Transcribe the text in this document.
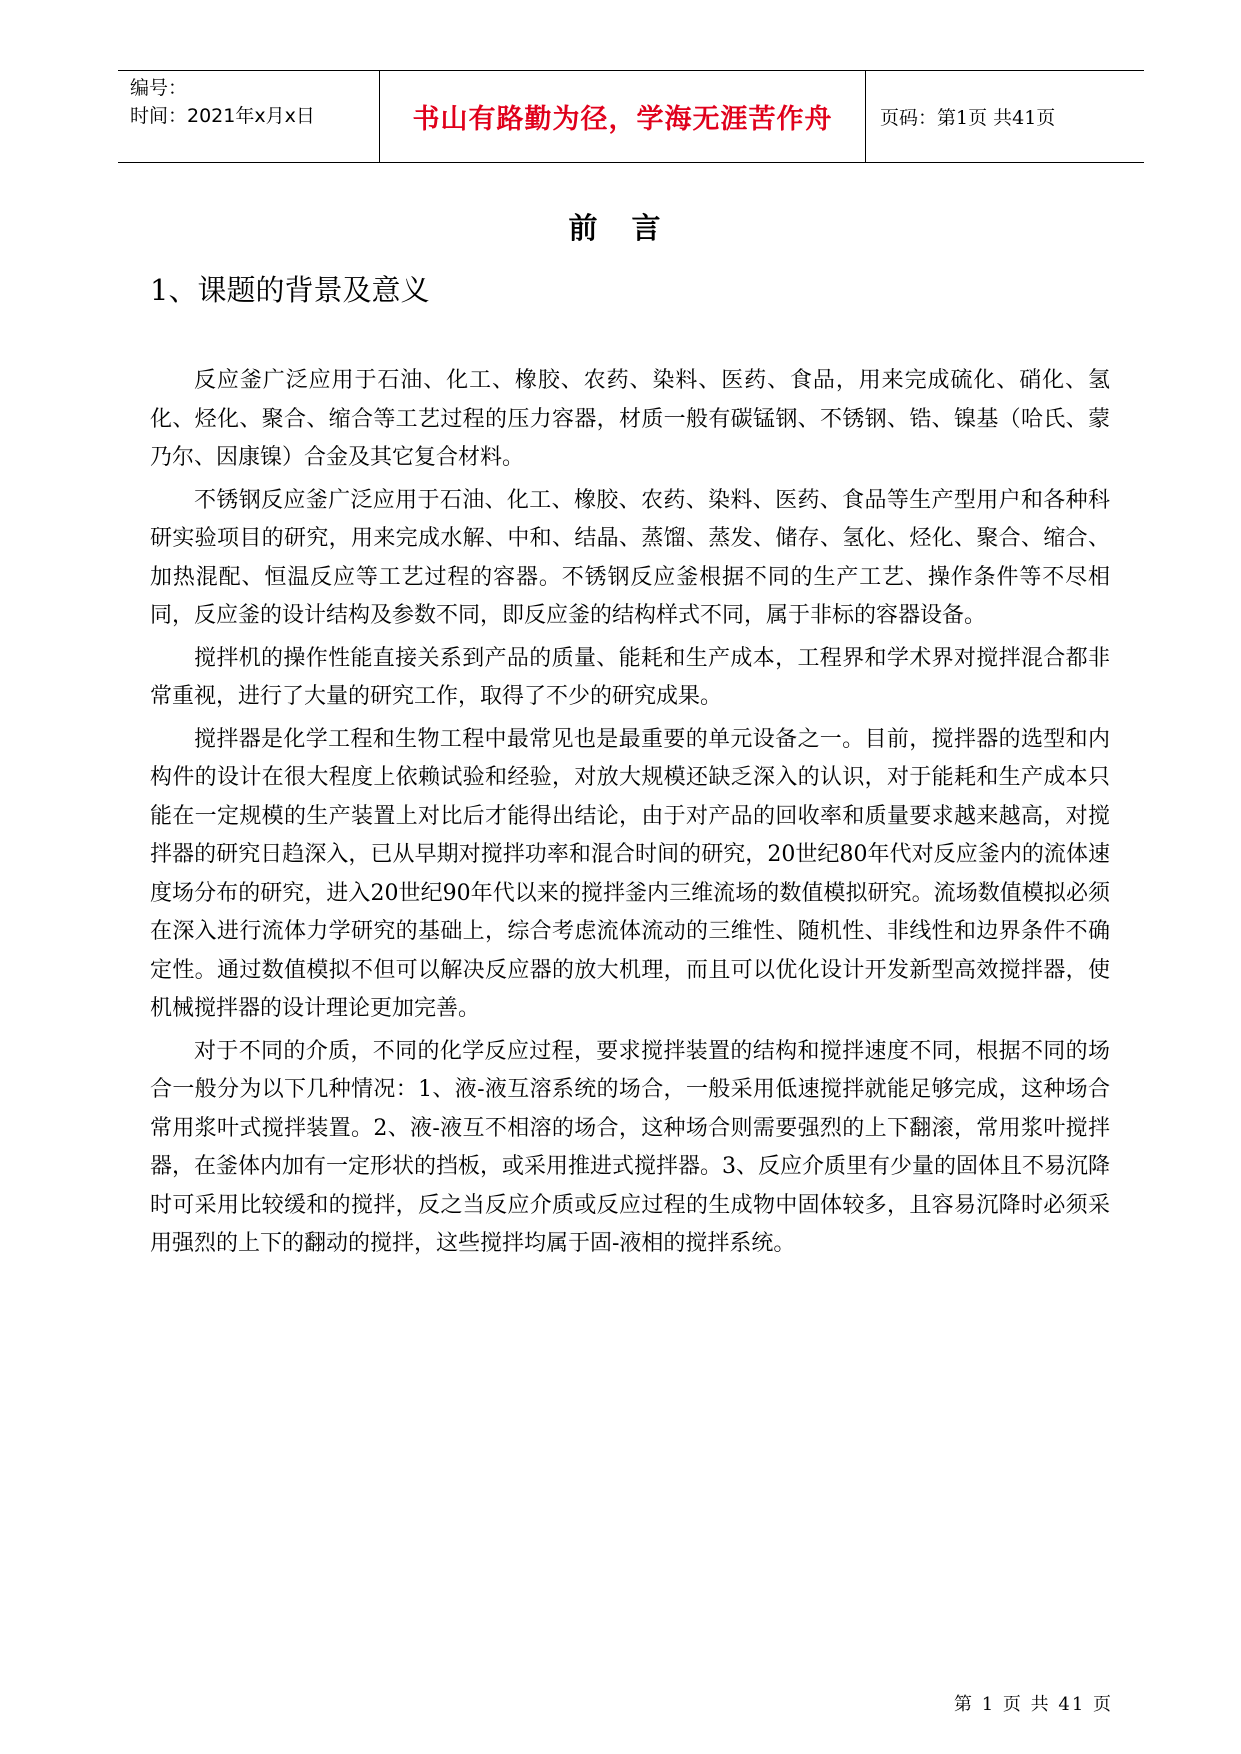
编号：
时间：2021年x月x日	书山有路勤为径，学海无涯苦作舟	页码：第1页 共41页
前 言
1、课题的背景及意义

反应釜广泛应用于石油、化工、橡胶、农药、染料、医药、食品，用来完成硫化、硝化、氢化、烃化、聚合、缩合等工艺过程的压力容器，材质一般有碳锰钢、不锈钢、锆、镍基（哈氏、蒙乃尔、因康镍）合金及其它复合材料。

不锈钢反应釜广泛应用于石油、化工、橡胶、农药、染料、医药、食品等生产型用户和各种科研实验项目的研究，用来完成水解、中和、结晶、蒸馏、蒸发、储存、氢化、烃化、聚合、缩合、加热混配、恒温反应等工艺过程的容器。不锈钢反应釜根据不同的生产工艺、操作条件等不尽相同，反应釜的设计结构及参数不同，即反应釜的结构样式不同，属于非标的容器设备。

搅拌机的操作性能直接关系到产品的质量、能耗和生产成本，工程界和学术界对搅拌混合都非常重视，进行了大量的研究工作，取得了不少的研究成果。

搅拌器是化学工程和生物工程中最常见也是最重要的单元设备之一。目前，搅拌器的选型和内构件的设计在很大程度上依赖试验和经验，对放大规模还缺乏深入的认识，对于能耗和生产成本只能在一定规模的生产装置上对比后才能得出结论，由于对产品的回收率和质量要求越来越高，对搅拌器的研究日趋深入，已从早期对搅拌功率和混合时间的研究，20世纪80年代对反应釜内的流体速度场分布的研究，进入20世纪90年代以来的搅拌釜内三维流场的数值模拟研究。流场数值模拟必须在深入进行流体力学研究的基础上，综合考虑流体流动的三维性、随机性、非线性和边界条件不确定性。通过数值模拟不但可以解决反应器的放大机理，而且可以优化设计开发新型高效搅拌器，使机械搅拌器的设计理论更加完善。

对于不同的介质，不同的化学反应过程，要求搅拌装置的结构和搅拌速度不同，根据不同的场合一般分为以下几种情况：1、液-液互溶系统的场合，一般采用低速搅拌就能足够完成，这种场合常用浆叶式搅拌装置。2、液-液互不相溶的场合，这种场合则需要强烈的上下翻滚，常用浆叶搅拌器，在釜体内加有一定形状的挡板，或采用推进式搅拌器。3、反应介质里有少量的固体且不易沉降时可采用比较缓和的搅拌，反之当反应介质或反应过程的生成物中固体较多，且容易沉降时必须采用强烈的上下的翻动的搅拌，这些搅拌均属于固-液相的搅拌系统。

第 1 页 共 41 页
